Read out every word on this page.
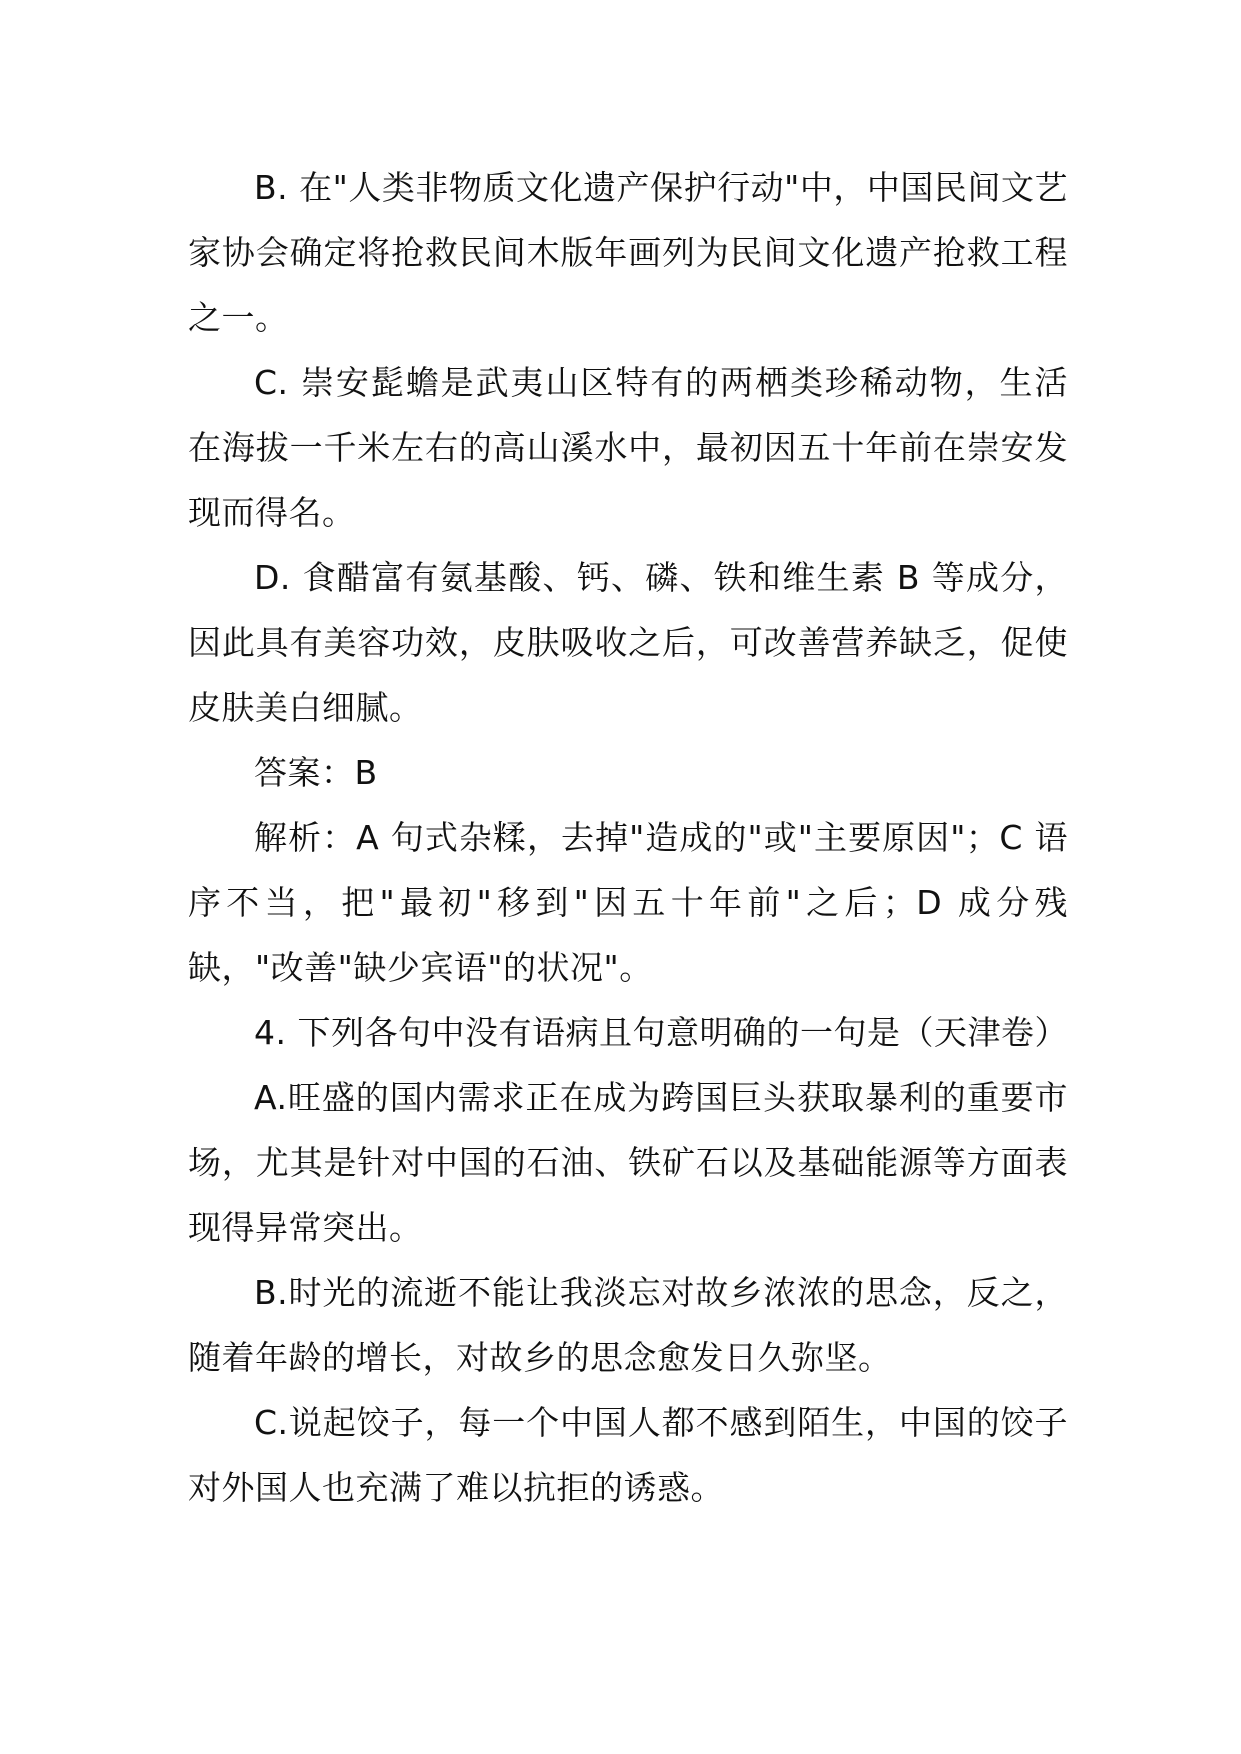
B. 在"人类非物质文化遗产保护行动"中，中国民间文艺家协会确定将抢救民间木版年画列为民间文化遗产抢救工程之一。

C. 崇安髭蟾是武夷山区特有的两栖类珍稀动物，生活在海拔一千米左右的高山溪水中，最初因五十年前在崇安发现而得名。

D. 食醋富有氨基酸、钙、磷、铁和维生素 B 等成分，因此具有美容功效，皮肤吸收之后，可改善营养缺乏，促使皮肤美白细腻。

答案：B

解析：A 句式杂糅，去掉"造成的"或"主要原因"；C 语序不当，把"最初"移到"因五十年前"之后；D 成分残缺，"改善"缺少宾语"的状况"。

4. 下列各句中没有语病且句意明确的一句是（天津卷）

A.旺盛的国内需求正在成为跨国巨头获取暴利的重要市场，尤其是针对中国的石油、铁矿石以及基础能源等方面表现得异常突出。

B.时光的流逝不能让我淡忘对故乡浓浓的思念，反之，随着年龄的增长，对故乡的思念愈发日久弥坚。

C.说起饺子，每一个中国人都不感到陌生，中国的饺子对外国人也充满了难以抗拒的诱惑。
